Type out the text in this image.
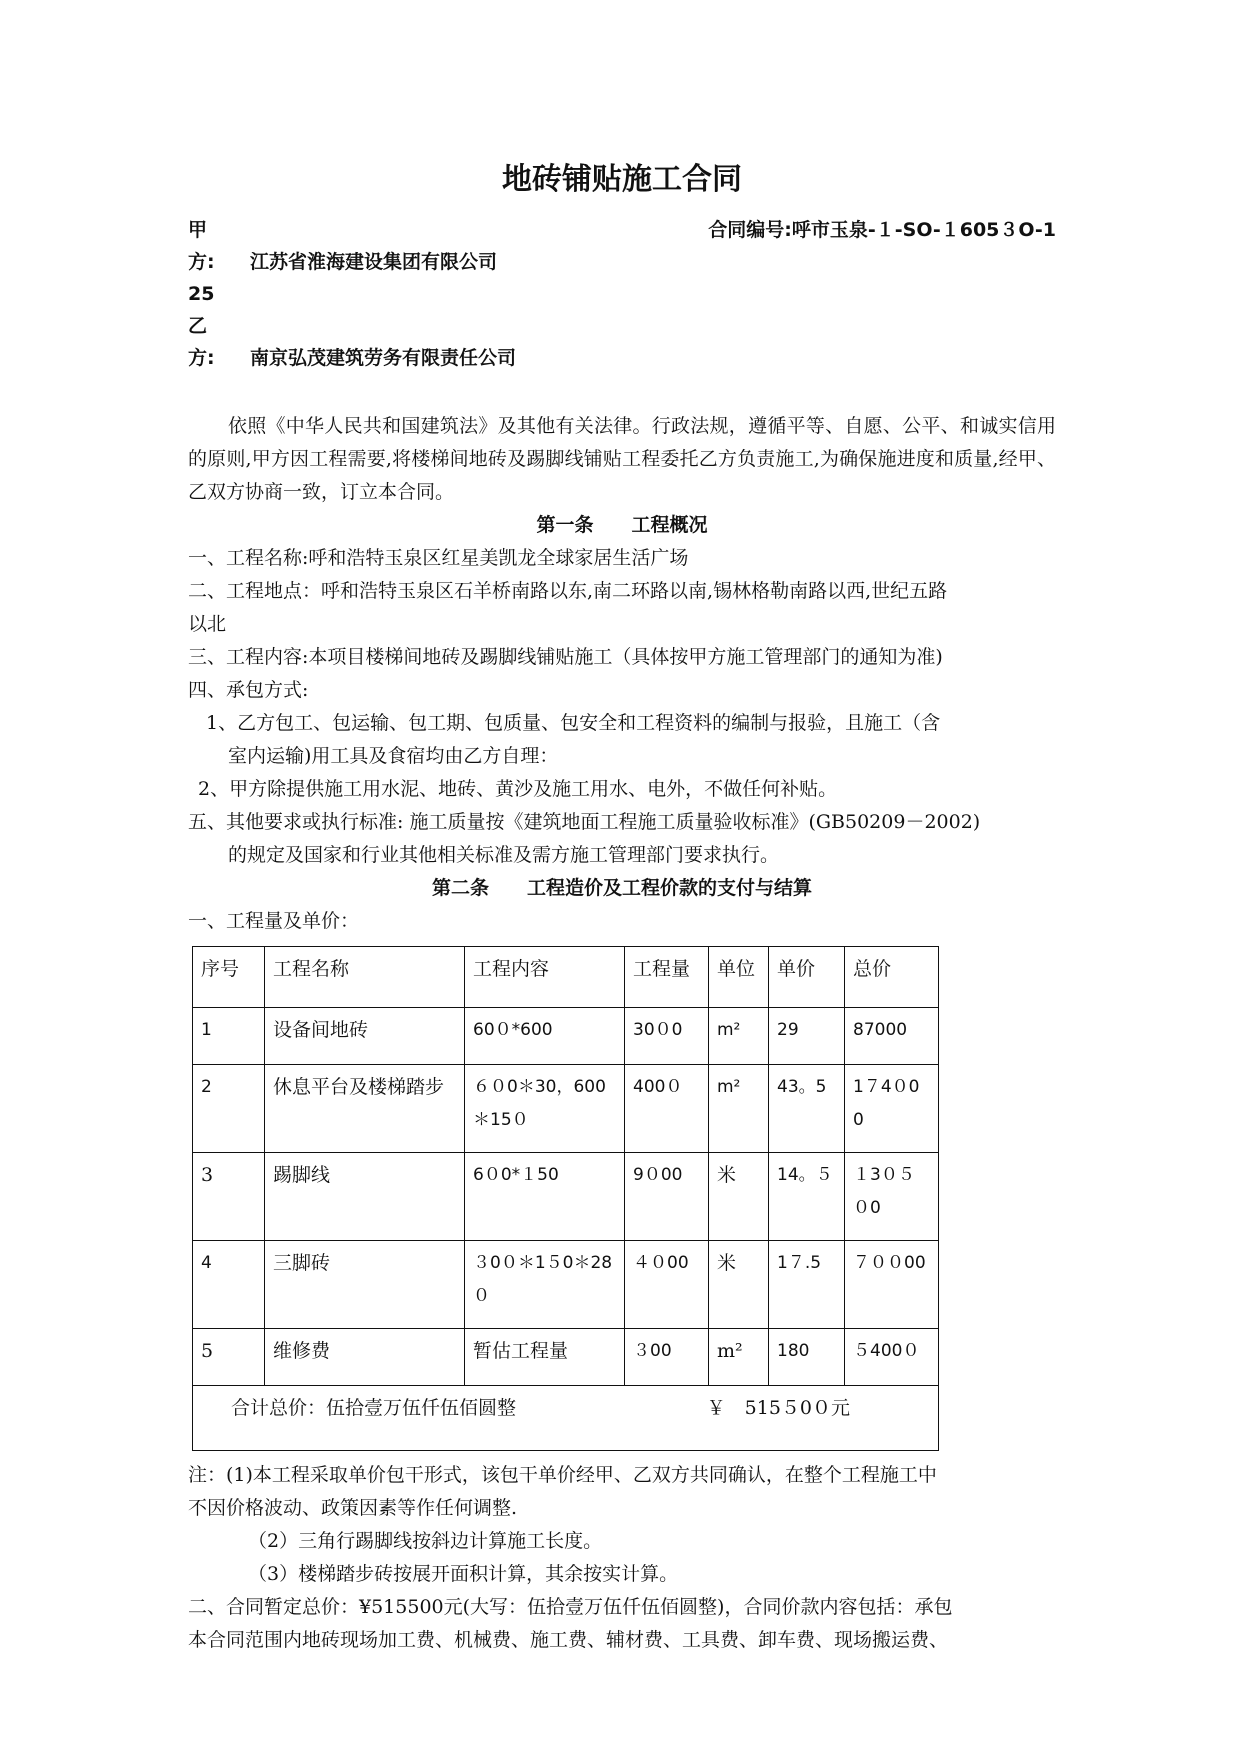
地砖铺贴施工合同
甲　方: 江苏省淮海建设集团有限公司
合同编号:呼市玉泉-１-SO-１605３O-1
25
乙　方: 南京弘茂建筑劳务有限责任公司

依照《中华人民共和国建筑法》及其他有关法律。行政法规，遵循平等、自愿、公平、和诚实信用的原则,甲方因工程需要,将楼梯间地砖及踢脚线铺贴工程委托乙方负责施工,为确保施进度和质量,经甲、乙双方协商一致，订立本合同。

第一条　　工程概况
一、工程名称:呼和浩特玉泉区红星美凯龙全球家居生活广场
二、工程地点：呼和浩特玉泉区石羊桥南路以东,南二环路以南,锡林格勒南路以西,世纪五路
以北
三、工程内容:本项目楼梯间地砖及踢脚线铺贴施工（具体按甲方施工管理部门的通知为准)
四、承包方式:
1、乙方包工、包运输、包工期、包质量、包安全和工程资料的编制与报验，且施工（含
室内运输)用工具及食宿均由乙方自理：
2、甲方除提供施工用水泥、地砖、黄沙及施工用水、电外，不做任何补贴。
五、其他要求或执行标准: 施工质量按《建筑地面工程施工质量验收标准》(GB50209－2002)
的规定及国家和行业其他相关标准及需方施工管理部门要求执行。
第二条　　工程造价及工程价款的支付与结算
一、工程量及单价：
序号	工程名称	工程内容	工程量	单位	单价	总价
1	设备间地砖	60０*600	30０0	m²	29	87000
2	休息平台及楼梯踏步	６０0＊30，600＊15０	400０	m²	43。5	1７4０00
3	踢脚线	6０0*１50	9０00	米	14。５	１3０５０0
4	三脚砖	３0０＊1５0＊28０	４０00	米	1７.5	７００00
5	维修费	暂估工程量	３00	m²	180	５400０

合计总价：伍拾壹万伍仟伍佰圆整 ￥　515５0０元						
注：(1)本工程采取单价包干形式，该包干单价经甲、乙双方共同确认，在整个工程施工中
不因价格波动、政策因素等作任何调整.
（2）三角行踢脚线按斜边计算施工长度。
（3）楼梯踏步砖按展开面积计算，其余按实计算。
二、合同暂定总价：¥515500元(大写：伍拾壹万伍仟伍佰圆整)，合同价款内容包括：承包
本合同范围内地砖现场加工费、机械费、施工费、辅材费、工具费、卸车费、现场搬运费、
